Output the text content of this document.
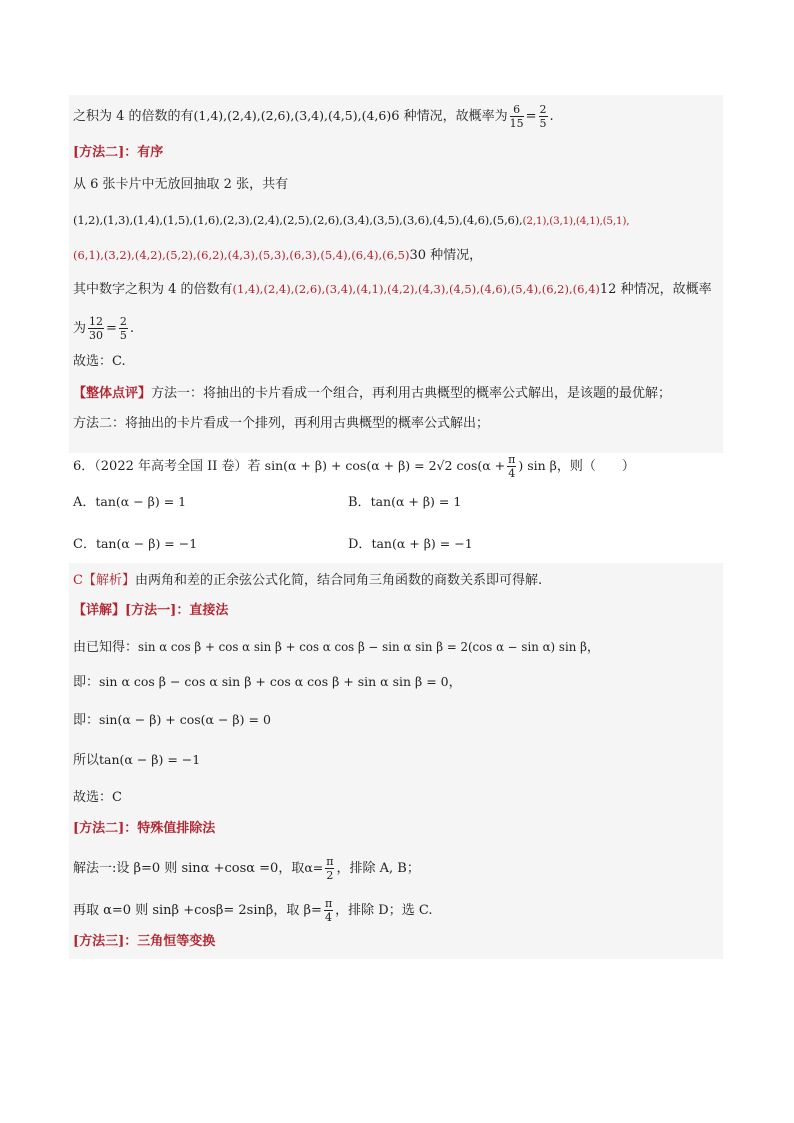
之积为 4 的倍数的有(1,4),(2,4),(2,6),(3,4),(4,5),(4,6)6 种情况，故概率为 $\frac{6}{15} = \frac{2}{5}$ .
[方法二]：有序
从 6 张卡片中无放回抽取 2 张，共有
(1,2),(1,3),(1,4),(1,5),(1,6),(2,3),(2,4),(2,5),(2,6),(3,4),(3,5),(3,6),(4,5),(4,6),(5,6),(2,1),(3,1),(4,1),(5,1),
(6,1),(3,2),(4,2),(5,2),(6,2),(4,3),(5,3),(6,3),(5,4),(6,4),(6,5)30 种情况，
其中数字之积为 4 的倍数有(1,4),(2,4),(2,6),(3,4),(4,1),(4,2),(4,3),(4,5),(4,6),(5,4),(6,2),(6,4)12 种情况，故概率
为 $\frac{12}{30} = \frac{2}{5}$ .
故选：C.
【整体点评】方法一：将抽出的卡片看成一个组合，再利用古典概型的概率公式解出，是该题的最优解；
方法二：将抽出的卡片看成一个排列，再利用古典概型的概率公式解出；
6．（2022 年高考全国 II 卷）若 sin(α + β) + cos(α + β) = 2√2 $\cos(\alpha + \frac{\pi}{4}$ ) sin β，则（　　）
A．tan(α − β) = 1	B．tan(α + β) = 1
C．tan(α − β) = −1	D．tan(α + β) = −1
C【解析】由两角和差的正余弦公式化简，结合同角三角函数的商数关系即可得解.
【详解】[方法一]：直接法
由已知得：sin α cos β + cos α sin β + cos α cos β − sin α sin β = 2(cos α − sin α) sin β，
即：sin α cos β − cos α sin β + cos α cos β + sin α sin β = 0，
即：sin(α − β) + cos(α − β) = 0
所以tan(α − β) = −1
故选：C
[方法二]：特殊值排除法
解法一:设 β=0 则 sinα +cosα =0，取$\alpha= \frac{\pi}{2}$ ，排除 A, B；
再取 α=0 则 sinβ +cosβ= 2sinβ，取 $\beta= \frac{\pi}{4}$ ，排除 D；选 C.
[方法三]：三角恒等变换
